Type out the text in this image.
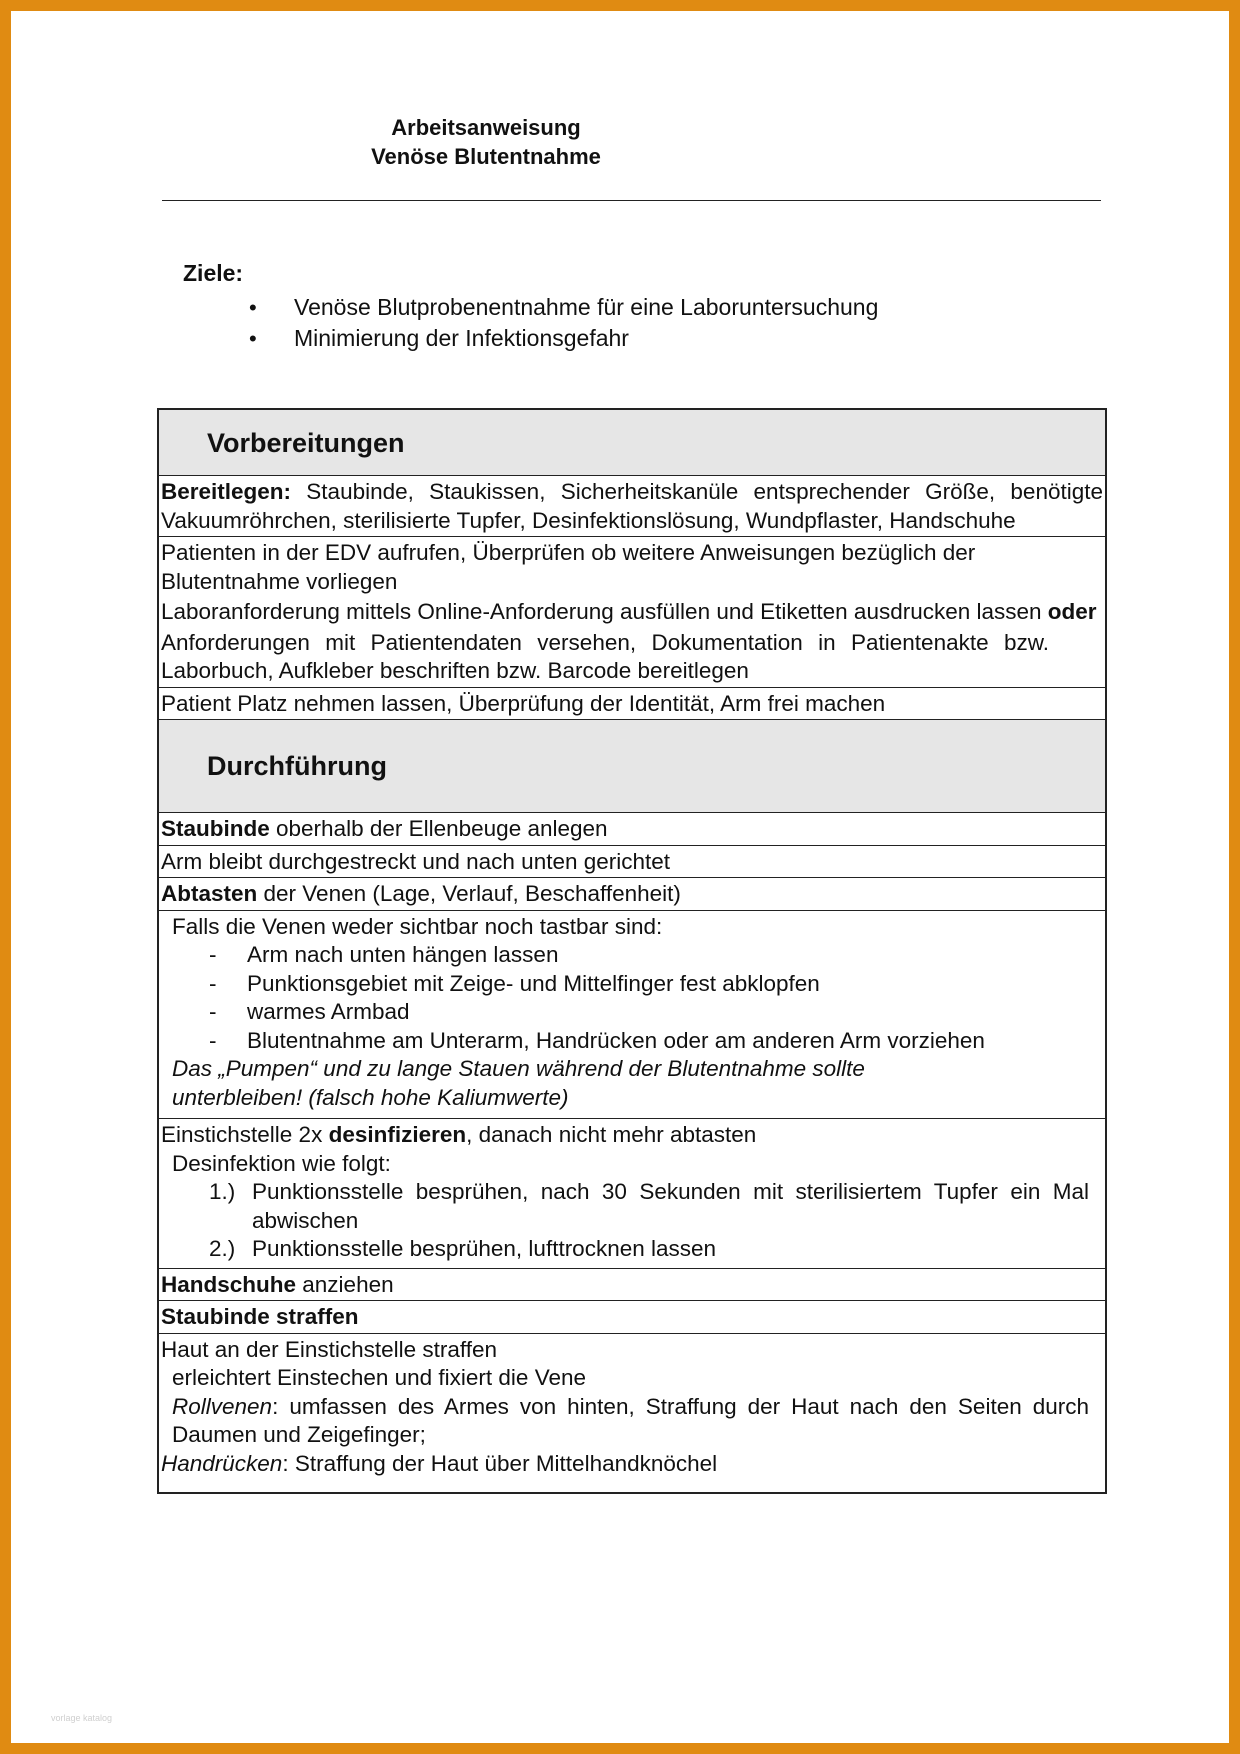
Arbeitsanweisung
Venöse Blutentnahme
Ziele:
• Venöse Blutprobenentnahme für eine Laboruntersuchung
• Minimierung der Infektionsgefahr
Vorbereitungen
Bereitlegen: Staubinde, Staukissen, Sicherheitskanüle entsprechender Größe, benötigte Vakuumröhrchen, sterilisierte Tupfer, Desinfektionslösung, Wundpflaster, Handschuhe

Patienten in der EDV aufrufen, Überprüfen ob weitere Anweisungen bezüglich der Blutentnahme vorliegen

Laboranforderung mittels Online-Anforderung ausfüllen und Etiketten ausdrucken lassen oder

Anforderungen mit Patientendaten versehen, Dokumentation in Patientenakte bzw. Laborbuch, Aufkleber beschriften bzw. Barcode bereitlegen

Patient Platz nehmen lassen, Überprüfung der Identität, Arm frei machen
Durchführung
Staubinde oberhalb der Ellenbeuge anlegen
Arm bleibt durchgestreckt und nach unten gerichtet
Abtasten der Venen (Lage, Verlauf, Beschaffenheit)

Falls die Venen weder sichtbar noch tastbar sind:

- Arm nach unten hängen lassen
- Punktionsgebiet mit Zeige- und Mittelfinger fest abklopfen
- warmes Armbad
- Blutentnahme am Unterarm, Handrücken oder am anderen Arm vorziehen

Das „Pumpen“ und zu lange Stauen während der Blutentnahme sollte unterbleiben! (falsch hohe Kaliumwerte)

Einstichstelle 2x desinfizieren, danach nicht mehr abtasten

Desinfektion wie folgt:

1.) Punktionsstelle besprühen, nach 30 Sekunden mit sterilisiertem Tupfer ein Mal abwischen
2.) Punktionsstelle besprühen, lufttrocknen lassen
Handschuhe anziehen
Staubinde straffen

Haut an der Einstichstelle straffen

erleichtert Einstechen und fixiert die Vene

Rollvenen: umfassen des Armes von hinten, Straffung der Haut nach den Seiten durch Daumen und Zeigefinger;

Handrücken: Straffung der Haut über Mittelhandknöchel

vorlage katalog
